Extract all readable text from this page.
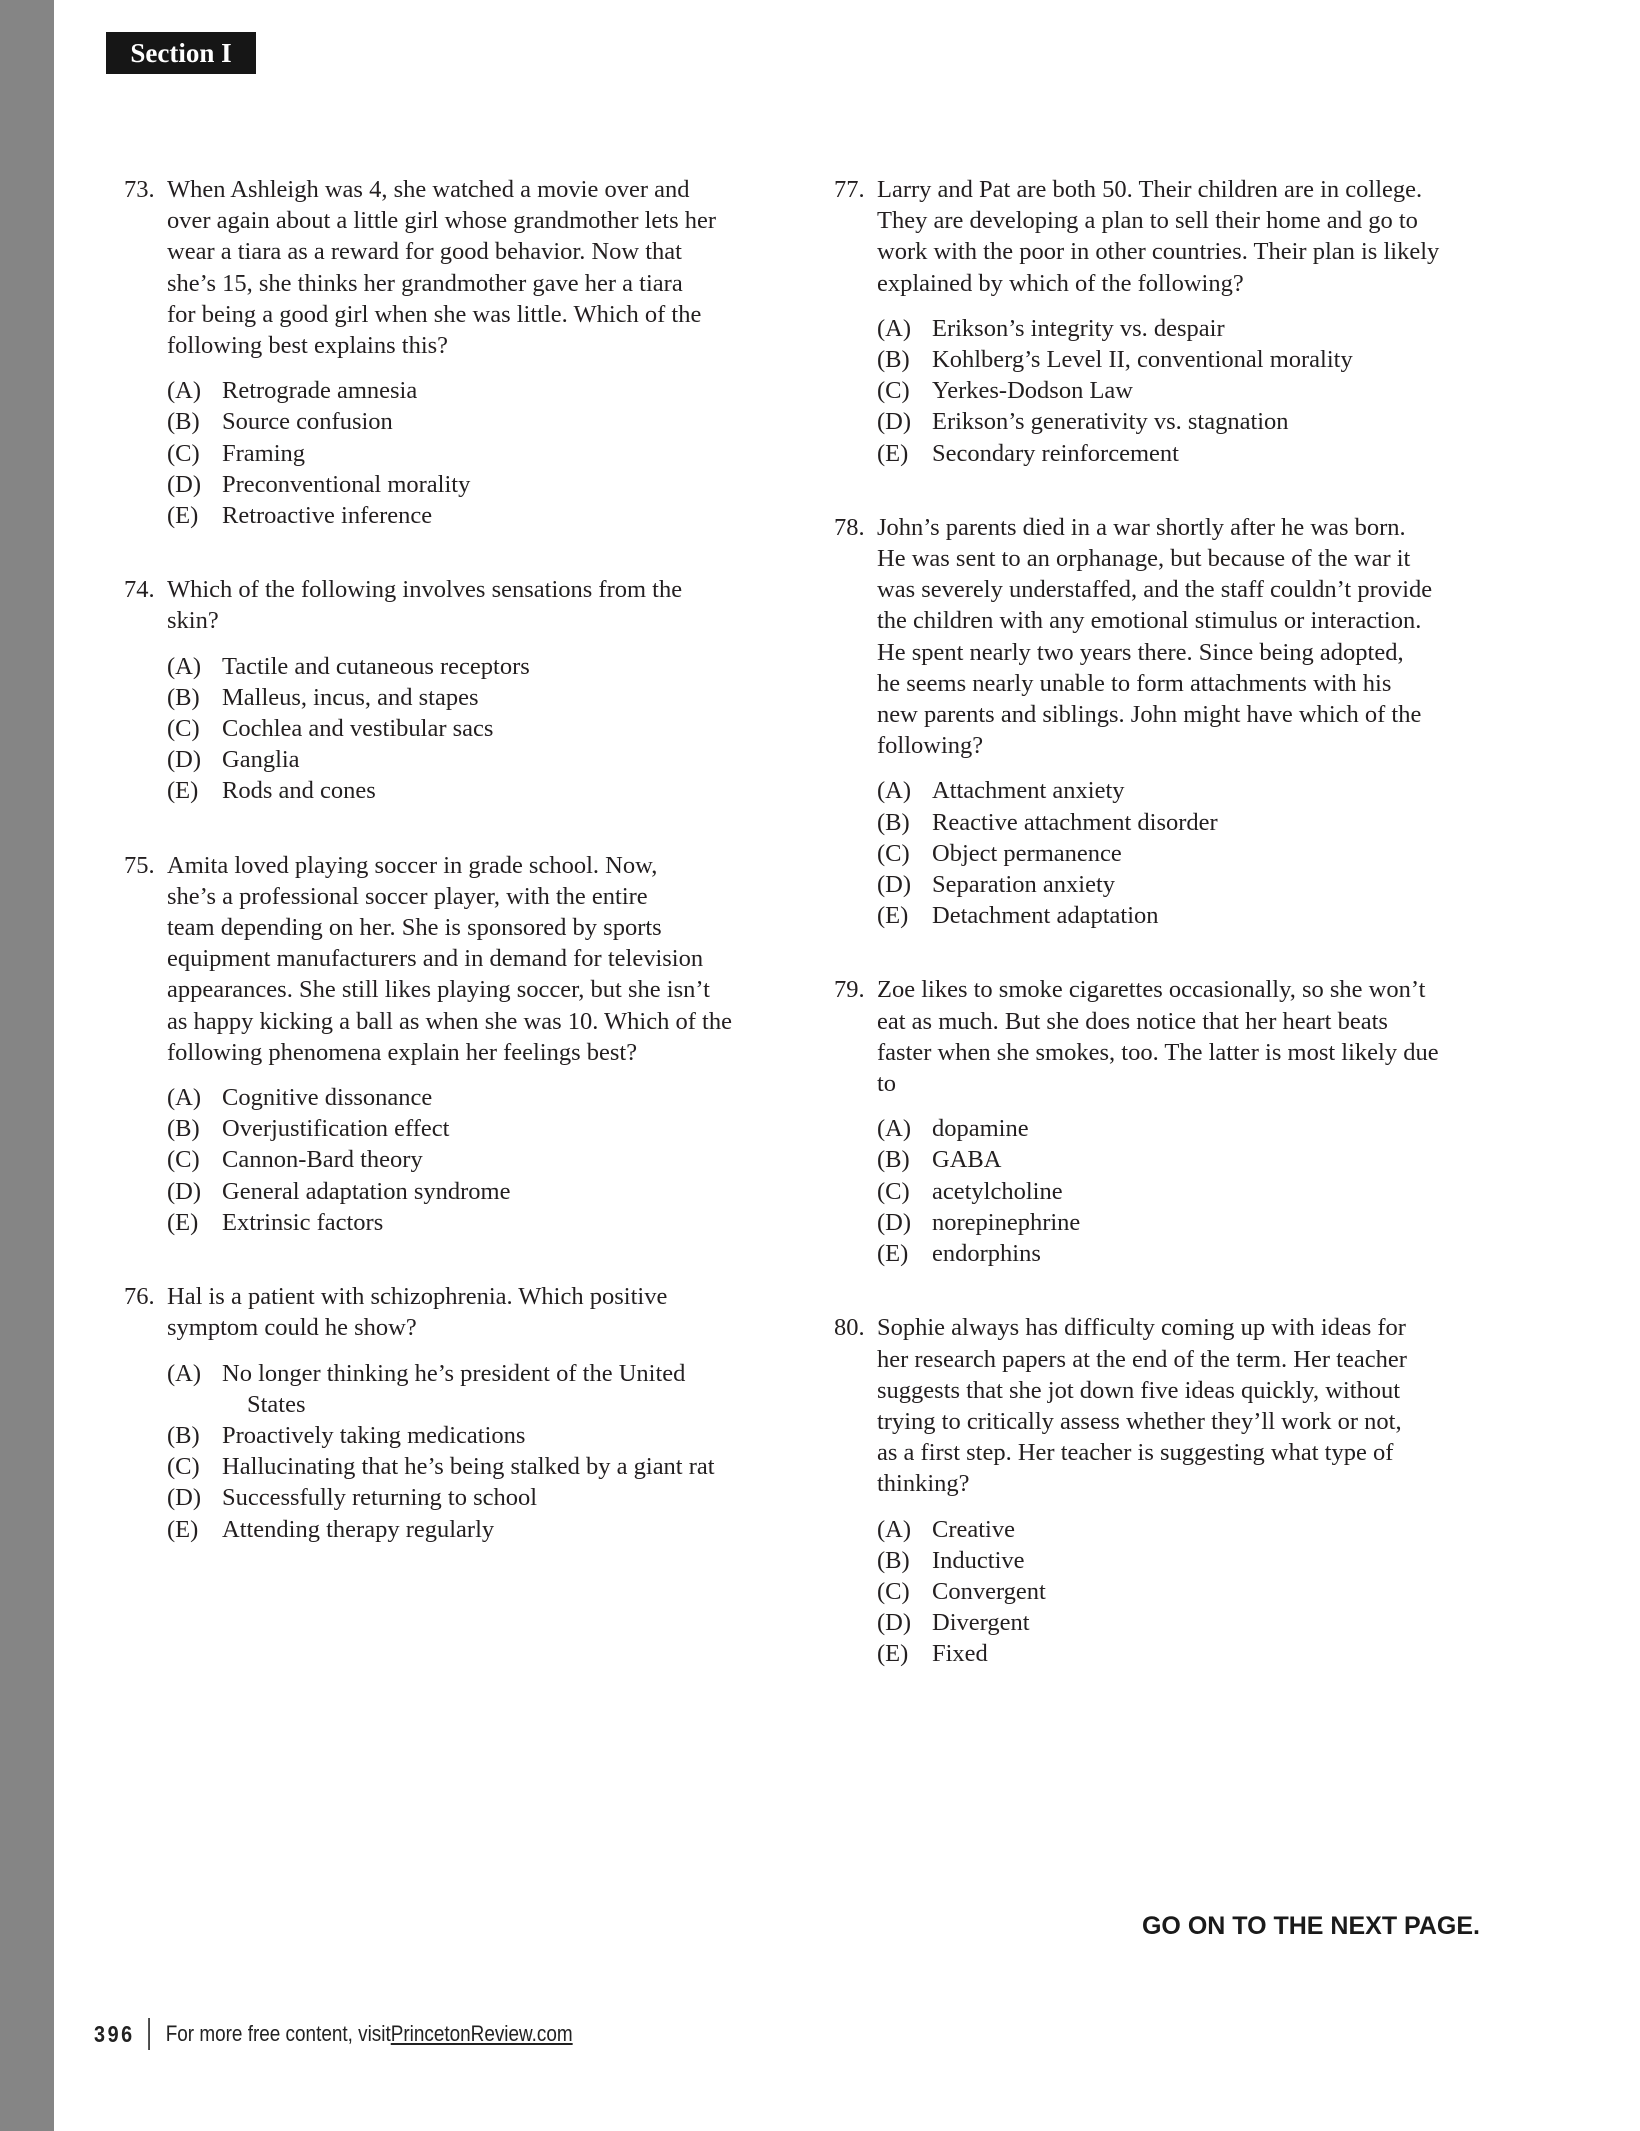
Section I
73. When Ashleigh was 4, she watched a movie over and
over again about a little girl whose grandmother lets her
wear a tiara as a reward for good behavior. Now that
she’s 15, she thinks her grandmother gave her a tiara
for being a good girl when she was little. Which of the
following best explains this?
(A) Retrograde amnesia
(B) Source confusion
(C) Framing
(D) Preconventional morality
(E) Retroactive inference
74. Which of the following involves sensations from the
skin?
(A) Tactile and cutaneous receptors
(B) Malleus, incus, and stapes
(C) Cochlea and vestibular sacs
(D) Ganglia
(E) Rods and cones
75. Amita loved playing soccer in grade school. Now,
she’s a professional soccer player, with the entire
team depending on her. She is sponsored by sports
equipment manufacturers and in demand for television
appearances. She still likes playing soccer, but she isn’t
as happy kicking a ball as when she was 10. Which of the
following phenomena explain her feelings best?
(A) Cognitive dissonance
(B) Overjustification effect
(C) Cannon-Bard theory
(D) General adaptation syndrome
(E) Extrinsic factors
76. Hal is a patient with schizophrenia. Which positive
symptom could he show?
(A) No longer thinking he’s president of the United
States
(B) Proactively taking medications
(C) Hallucinating that he’s being stalked by a giant rat
(D) Successfully returning to school
(E) Attending therapy regularly
77. Larry and Pat are both 50. Their children are in college.
They are developing a plan to sell their home and go to
work with the poor in other countries. Their plan is likely
explained by which of the following?
(A) Erikson’s integrity vs. despair
(B) Kohlberg’s Level II, conventional morality
(C) Yerkes-Dodson Law
(D) Erikson’s generativity vs. stagnation
(E) Secondary reinforcement
78. John’s parents died in a war shortly after he was born.
He was sent to an orphanage, but because of the war it
was severely understaffed, and the staff couldn’t provide
the children with any emotional stimulus or interaction.
He spent nearly two years there. Since being adopted,
he seems nearly unable to form attachments with his
new parents and siblings. John might have which of the
following?
(A) Attachment anxiety
(B) Reactive attachment disorder
(C) Object permanence
(D) Separation anxiety
(E) Detachment adaptation
79. Zoe likes to smoke cigarettes occasionally, so she won’t
eat as much. But she does notice that her heart beats
faster when she smokes, too. The latter is most likely due
to
(A) dopamine
(B) GABA
(C) acetylcholine
(D) norepinephrine
(E) endorphins
80. Sophie always has difficulty coming up with ideas for
her research papers at the end of the term. Her teacher
suggests that she jot down five ideas quickly, without
trying to critically assess whether they’ll work or not,
as a first step. Her teacher is suggesting what type of
thinking?
(A) Creative
(B) Inductive
(C) Convergent
(D) Divergent
(E) Fixed
GO ON TO THE NEXT PAGE.
396 For more free content, visit PrincetonReview.com
